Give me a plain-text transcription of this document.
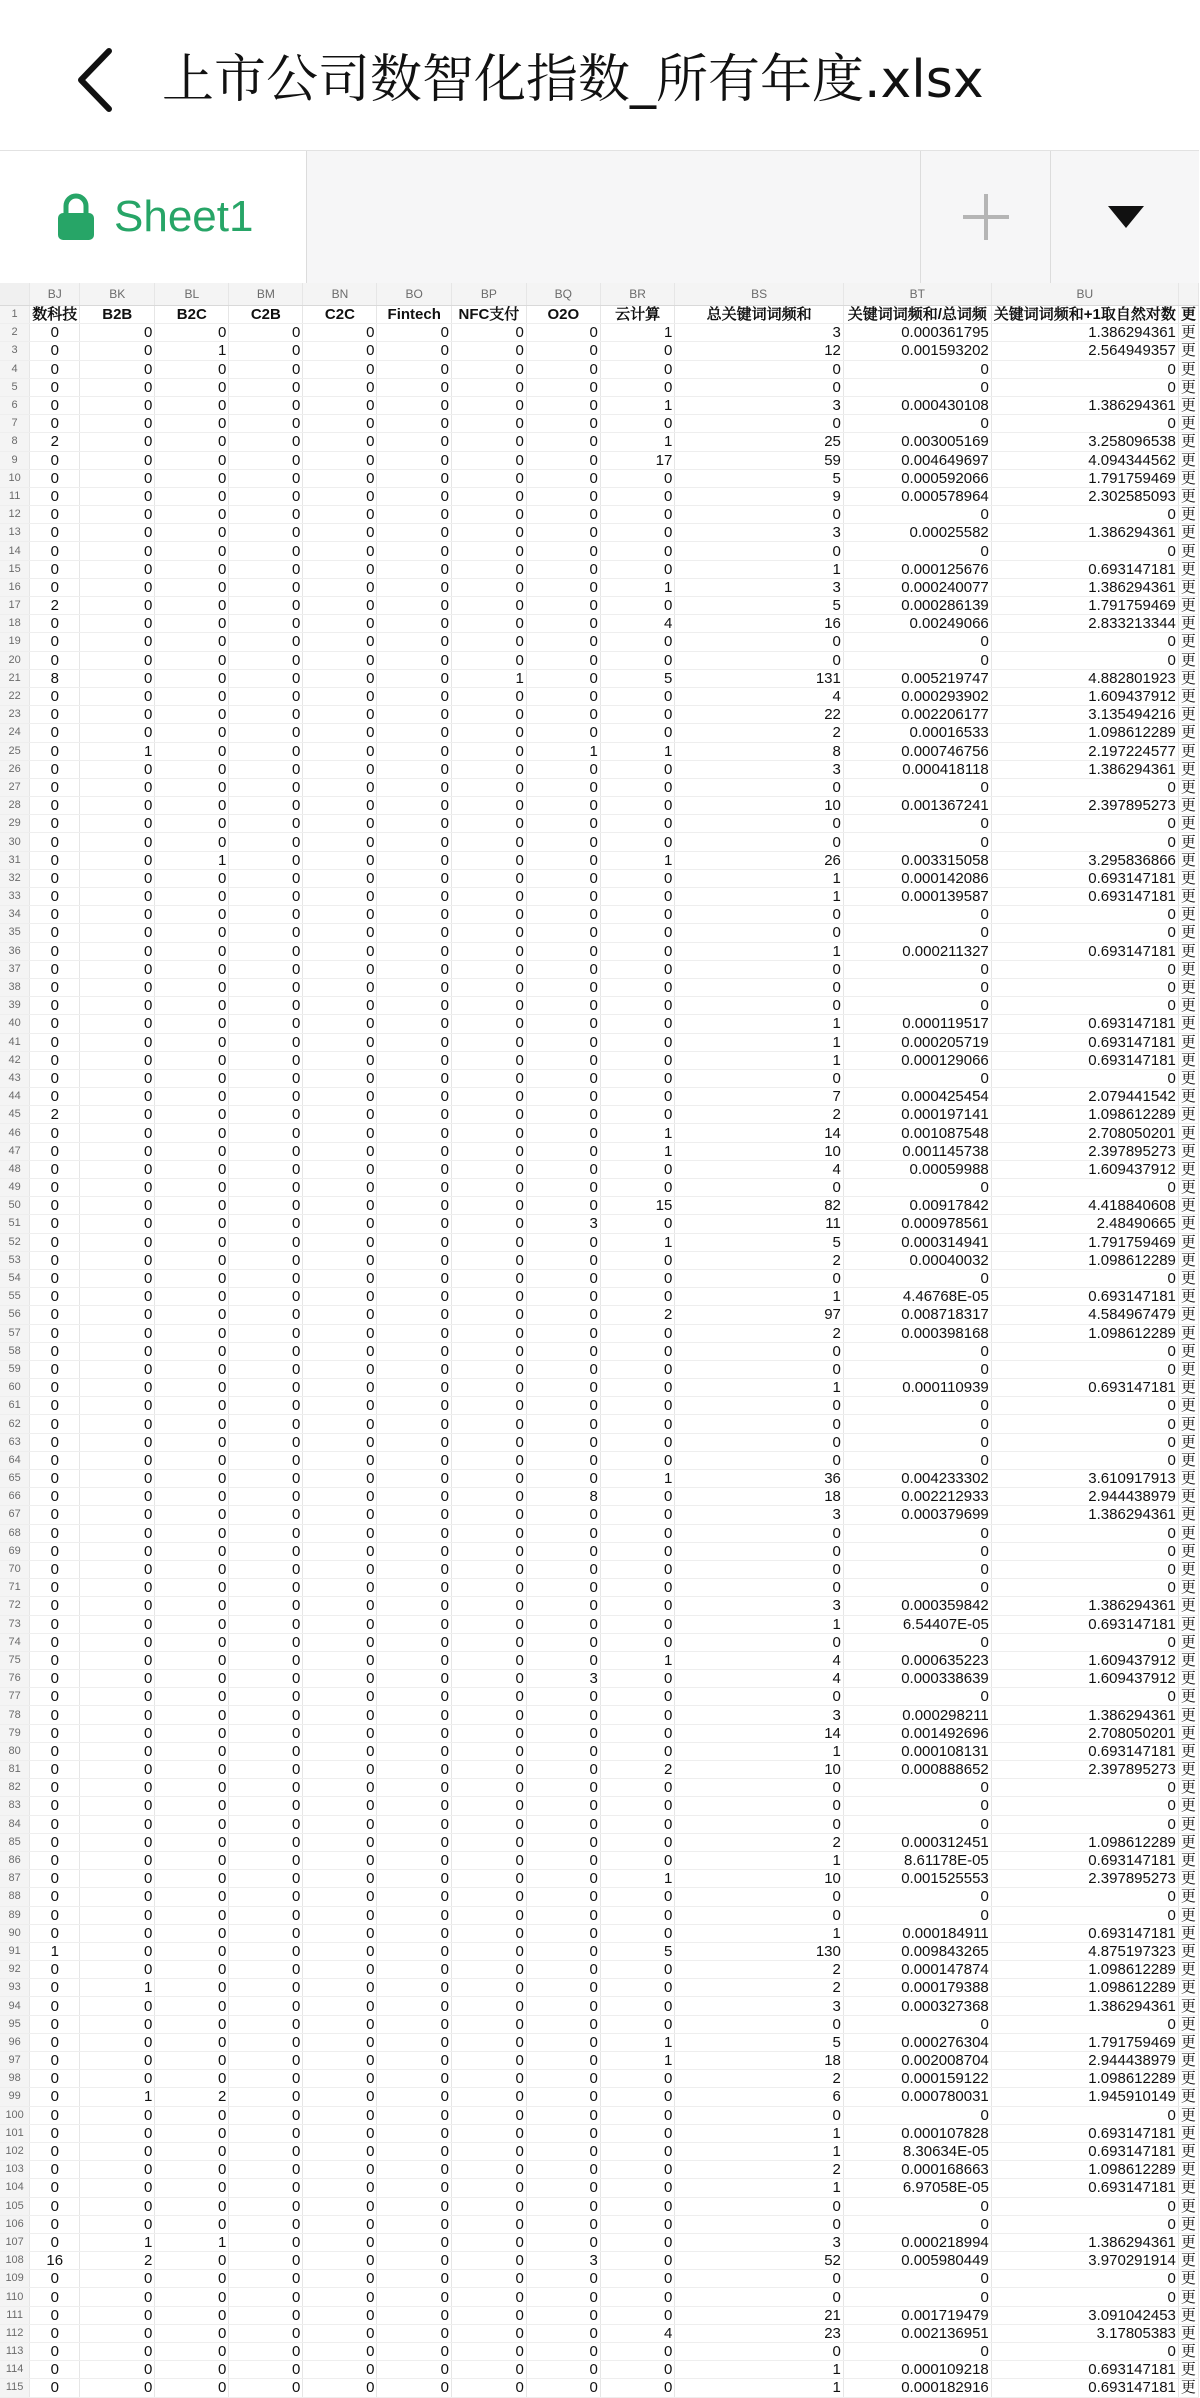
上市公司数智化指数_所有年度.xlsx
Sheet1
	BJ	BK	BL	BM	BN	BO	BP	BQ	BR	BS	BT	BU	
1	数科技	B2B	B2C	C2B	C2C	Fintech	NFC支付	O2O	云计算	总关键词词频和	关键词词频和/总词频	关键词词频和+1取自然对数	更
2	0	0	0	0	0	0	0	0	1	3	0.000361795	1.386294361	更
3	0	0	1	0	0	0	0	0	0	12	0.001593202	2.564949357	更
4	0	0	0	0	0	0	0	0	0	0	0	0	更
5	0	0	0	0	0	0	0	0	0	0	0	0	更
6	0	0	0	0	0	0	0	0	1	3	0.000430108	1.386294361	更
7	0	0	0	0	0	0	0	0	0	0	0	0	更
8	2	0	0	0	0	0	0	0	1	25	0.003005169	3.258096538	更
9	0	0	0	0	0	0	0	0	17	59	0.004649697	4.094344562	更
10	0	0	0	0	0	0	0	0	0	5	0.000592066	1.791759469	更
11	0	0	0	0	0	0	0	0	0	9	0.000578964	2.302585093	更
12	0	0	0	0	0	0	0	0	0	0	0	0	更
13	0	0	0	0	0	0	0	0	0	3	0.00025582	1.386294361	更
14	0	0	0	0	0	0	0	0	0	0	0	0	更
15	0	0	0	0	0	0	0	0	0	1	0.000125676	0.693147181	更
16	0	0	0	0	0	0	0	0	1	3	0.000240077	1.386294361	更
17	2	0	0	0	0	0	0	0	0	5	0.000286139	1.791759469	更
18	0	0	0	0	0	0	0	0	4	16	0.00249066	2.833213344	更
19	0	0	0	0	0	0	0	0	0	0	0	0	更
20	0	0	0	0	0	0	0	0	0	0	0	0	更
21	8	0	0	0	0	0	1	0	5	131	0.005219747	4.882801923	更
22	0	0	0	0	0	0	0	0	0	4	0.000293902	1.609437912	更
23	0	0	0	0	0	0	0	0	0	22	0.002206177	3.135494216	更
24	0	0	0	0	0	0	0	0	0	2	0.00016533	1.098612289	更
25	0	1	0	0	0	0	0	1	1	8	0.000746756	2.197224577	更
26	0	0	0	0	0	0	0	0	0	3	0.000418118	1.386294361	更
27	0	0	0	0	0	0	0	0	0	0	0	0	更
28	0	0	0	0	0	0	0	0	0	10	0.001367241	2.397895273	更
29	0	0	0	0	0	0	0	0	0	0	0	0	更
30	0	0	0	0	0	0	0	0	0	0	0	0	更
31	0	0	1	0	0	0	0	0	1	26	0.003315058	3.295836866	更
32	0	0	0	0	0	0	0	0	0	1	0.000142086	0.693147181	更
33	0	0	0	0	0	0	0	0	0	1	0.000139587	0.693147181	更
34	0	0	0	0	0	0	0	0	0	0	0	0	更
35	0	0	0	0	0	0	0	0	0	0	0	0	更
36	0	0	0	0	0	0	0	0	0	1	0.000211327	0.693147181	更
37	0	0	0	0	0	0	0	0	0	0	0	0	更
38	0	0	0	0	0	0	0	0	0	0	0	0	更
39	0	0	0	0	0	0	0	0	0	0	0	0	更
40	0	0	0	0	0	0	0	0	0	1	0.000119517	0.693147181	更
41	0	0	0	0	0	0	0	0	0	1	0.000205719	0.693147181	更
42	0	0	0	0	0	0	0	0	0	1	0.000129066	0.693147181	更
43	0	0	0	0	0	0	0	0	0	0	0	0	更
44	0	0	0	0	0	0	0	0	0	7	0.000425454	2.079441542	更
45	2	0	0	0	0	0	0	0	0	2	0.000197141	1.098612289	更
46	0	0	0	0	0	0	0	0	1	14	0.001087548	2.708050201	更
47	0	0	0	0	0	0	0	0	1	10	0.001145738	2.397895273	更
48	0	0	0	0	0	0	0	0	0	4	0.00059988	1.609437912	更
49	0	0	0	0	0	0	0	0	0	0	0	0	更
50	0	0	0	0	0	0	0	0	15	82	0.00917842	4.418840608	更
51	0	0	0	0	0	0	0	3	0	11	0.000978561	2.48490665	更
52	0	0	0	0	0	0	0	0	1	5	0.000314941	1.791759469	更
53	0	0	0	0	0	0	0	0	0	2	0.00040032	1.098612289	更
54	0	0	0	0	0	0	0	0	0	0	0	0	更
55	0	0	0	0	0	0	0	0	0	1	4.46768E-05	0.693147181	更
56	0	0	0	0	0	0	0	0	2	97	0.008718317	4.584967479	更
57	0	0	0	0	0	0	0	0	0	2	0.000398168	1.098612289	更
58	0	0	0	0	0	0	0	0	0	0	0	0	更
59	0	0	0	0	0	0	0	0	0	0	0	0	更
60	0	0	0	0	0	0	0	0	0	1	0.000110939	0.693147181	更
61	0	0	0	0	0	0	0	0	0	0	0	0	更
62	0	0	0	0	0	0	0	0	0	0	0	0	更
63	0	0	0	0	0	0	0	0	0	0	0	0	更
64	0	0	0	0	0	0	0	0	0	0	0	0	更
65	0	0	0	0	0	0	0	0	1	36	0.004233302	3.610917913	更
66	0	0	0	0	0	0	0	8	0	18	0.002212933	2.944438979	更
67	0	0	0	0	0	0	0	0	0	3	0.000379699	1.386294361	更
68	0	0	0	0	0	0	0	0	0	0	0	0	更
69	0	0	0	0	0	0	0	0	0	0	0	0	更
70	0	0	0	0	0	0	0	0	0	0	0	0	更
71	0	0	0	0	0	0	0	0	0	0	0	0	更
72	0	0	0	0	0	0	0	0	0	3	0.000359842	1.386294361	更
73	0	0	0	0	0	0	0	0	0	1	6.54407E-05	0.693147181	更
74	0	0	0	0	0	0	0	0	0	0	0	0	更
75	0	0	0	0	0	0	0	0	1	4	0.000635223	1.609437912	更
76	0	0	0	0	0	0	0	3	0	4	0.000338639	1.609437912	更
77	0	0	0	0	0	0	0	0	0	0	0	0	更
78	0	0	0	0	0	0	0	0	0	3	0.000298211	1.386294361	更
79	0	0	0	0	0	0	0	0	0	14	0.001492696	2.708050201	更
80	0	0	0	0	0	0	0	0	0	1	0.000108131	0.693147181	更
81	0	0	0	0	0	0	0	0	2	10	0.000888652	2.397895273	更
82	0	0	0	0	0	0	0	0	0	0	0	0	更
83	0	0	0	0	0	0	0	0	0	0	0	0	更
84	0	0	0	0	0	0	0	0	0	0	0	0	更
85	0	0	0	0	0	0	0	0	0	2	0.000312451	1.098612289	更
86	0	0	0	0	0	0	0	0	0	1	8.61178E-05	0.693147181	更
87	0	0	0	0	0	0	0	0	1	10	0.001525553	2.397895273	更
88	0	0	0	0	0	0	0	0	0	0	0	0	更
89	0	0	0	0	0	0	0	0	0	0	0	0	更
90	0	0	0	0	0	0	0	0	0	1	0.000184911	0.693147181	更
91	1	0	0	0	0	0	0	0	5	130	0.009843265	4.875197323	更
92	0	0	0	0	0	0	0	0	0	2	0.000147874	1.098612289	更
93	0	1	0	0	0	0	0	0	0	2	0.000179388	1.098612289	更
94	0	0	0	0	0	0	0	0	0	3	0.000327368	1.386294361	更
95	0	0	0	0	0	0	0	0	0	0	0	0	更
96	0	0	0	0	0	0	0	0	1	5	0.000276304	1.791759469	更
97	0	0	0	0	0	0	0	0	1	18	0.002008704	2.944438979	更
98	0	0	0	0	0	0	0	0	0	2	0.000159122	1.098612289	更
99	0	1	2	0	0	0	0	0	0	6	0.000780031	1.945910149	更
100	0	0	0	0	0	0	0	0	0	0	0	0	更
101	0	0	0	0	0	0	0	0	0	1	0.000107828	0.693147181	更
102	0	0	0	0	0	0	0	0	0	1	8.30634E-05	0.693147181	更
103	0	0	0	0	0	0	0	0	0	2	0.000168663	1.098612289	更
104	0	0	0	0	0	0	0	0	0	1	6.97058E-05	0.693147181	更
105	0	0	0	0	0	0	0	0	0	0	0	0	更
106	0	0	0	0	0	0	0	0	0	0	0	0	更
107	0	1	1	0	0	0	0	0	0	3	0.000218994	1.386294361	更
108	16	2	0	0	0	0	0	3	0	52	0.005980449	3.970291914	更
109	0	0	0	0	0	0	0	0	0	0	0	0	更
110	0	0	0	0	0	0	0	0	0	0	0	0	更
111	0	0	0	0	0	0	0	0	0	21	0.001719479	3.091042453	更
112	0	0	0	0	0	0	0	0	4	23	0.002136951	3.17805383	更
113	0	0	0	0	0	0	0	0	0	0	0	0	更
114	0	0	0	0	0	0	0	0	0	1	0.000109218	0.693147181	更
115	0	0	0	0	0	0	0	0	0	1	0.000182916	0.693147181	更
